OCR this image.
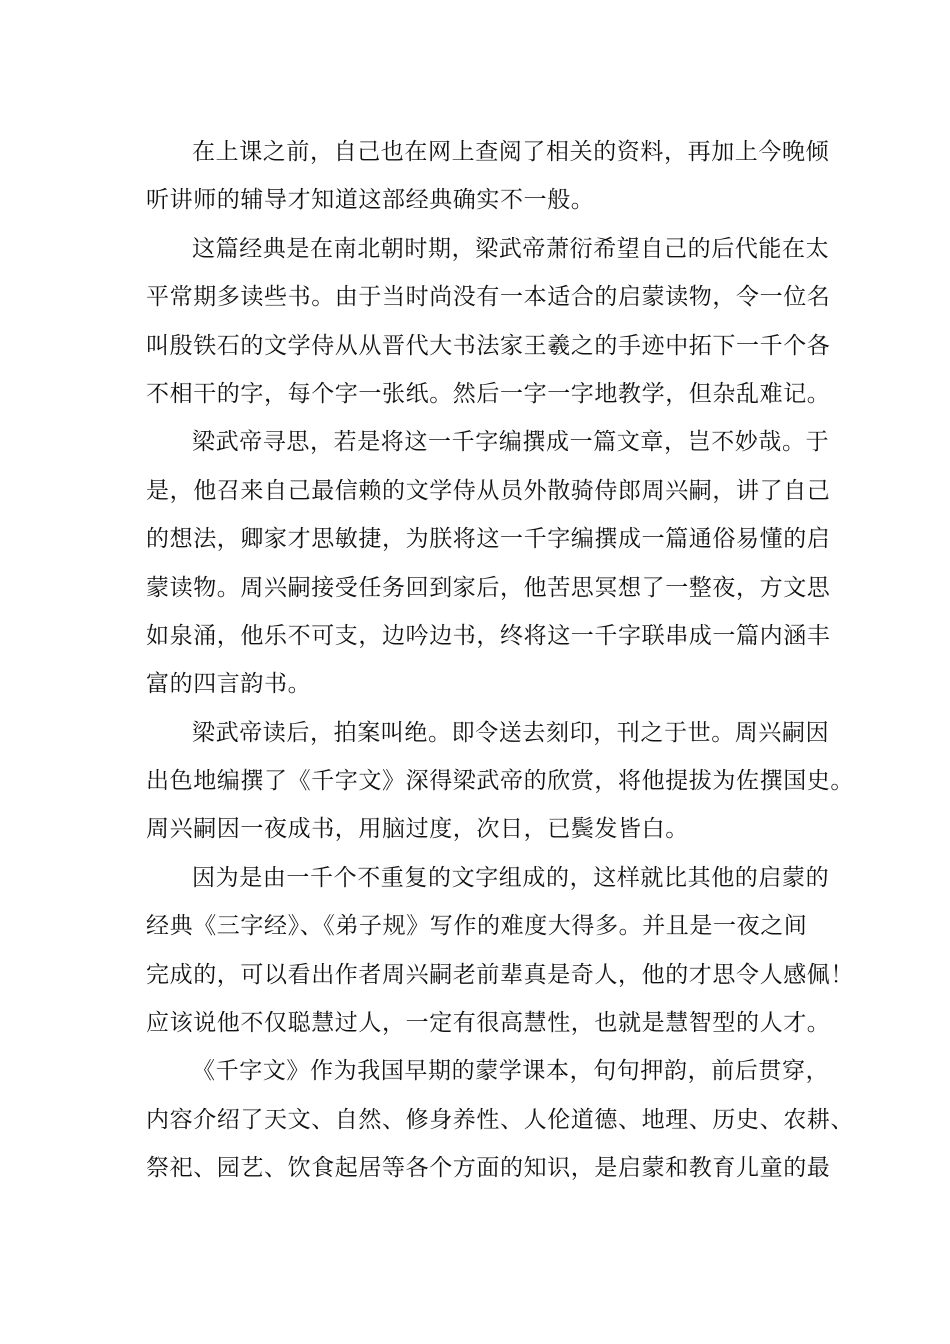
在上课之前，自己也在网上查阅了相关的资料，再加上今晚倾
听讲师的辅导才知道这部经典确实不一般。
这篇经典是在南北朝时期，梁武帝萧衍希望自己的后代能在太
平常期多读些书。由于当时尚没有一本适合的启蒙读物，令一位名
叫殷铁石的文学侍从从晋代大书法家王羲之的手迹中拓下一千个各
不相干的字，每个字一张纸。然后一字一字地教学，但杂乱难记。
梁武帝寻思，若是将这一千字编撰成一篇文章，岂不妙哉。于
是，他召来自己最信赖的文学侍从员外散骑侍郎周兴嗣，讲了自己
的想法，卿家才思敏捷，为朕将这一千字编撰成一篇通俗易懂的启
蒙读物。周兴嗣接受任务回到家后，他苦思冥想了一整夜，方文思
如泉涌，他乐不可支，边吟边书，终将这一千字联串成一篇内涵丰
富的四言韵书。
梁武帝读后，拍案叫绝。即令送去刻印，刊之于世。周兴嗣因
出色地编撰了《千字文》深得梁武帝的欣赏，将他提拔为佐撰国史。
周兴嗣因一夜成书，用脑过度，次日，已鬓发皆白。
因为是由一千个不重复的文字组成的，这样就比其他的启蒙的
经典《三字经》、《弟子规》写作的难度大得多。并且是一夜之间
完成的，可以看出作者周兴嗣老前辈真是奇人，他的才思令人感佩！
应该说他不仅聪慧过人，一定有很高慧性，也就是慧智型的人才。
《千字文》作为我国早期的蒙学课本，句句押韵，前后贯穿，
内容介绍了天文、自然、修身养性、人伦道德、地理、历史、农耕、
祭祀、园艺、饮食起居等各个方面的知识，是启蒙和教育儿童的最
